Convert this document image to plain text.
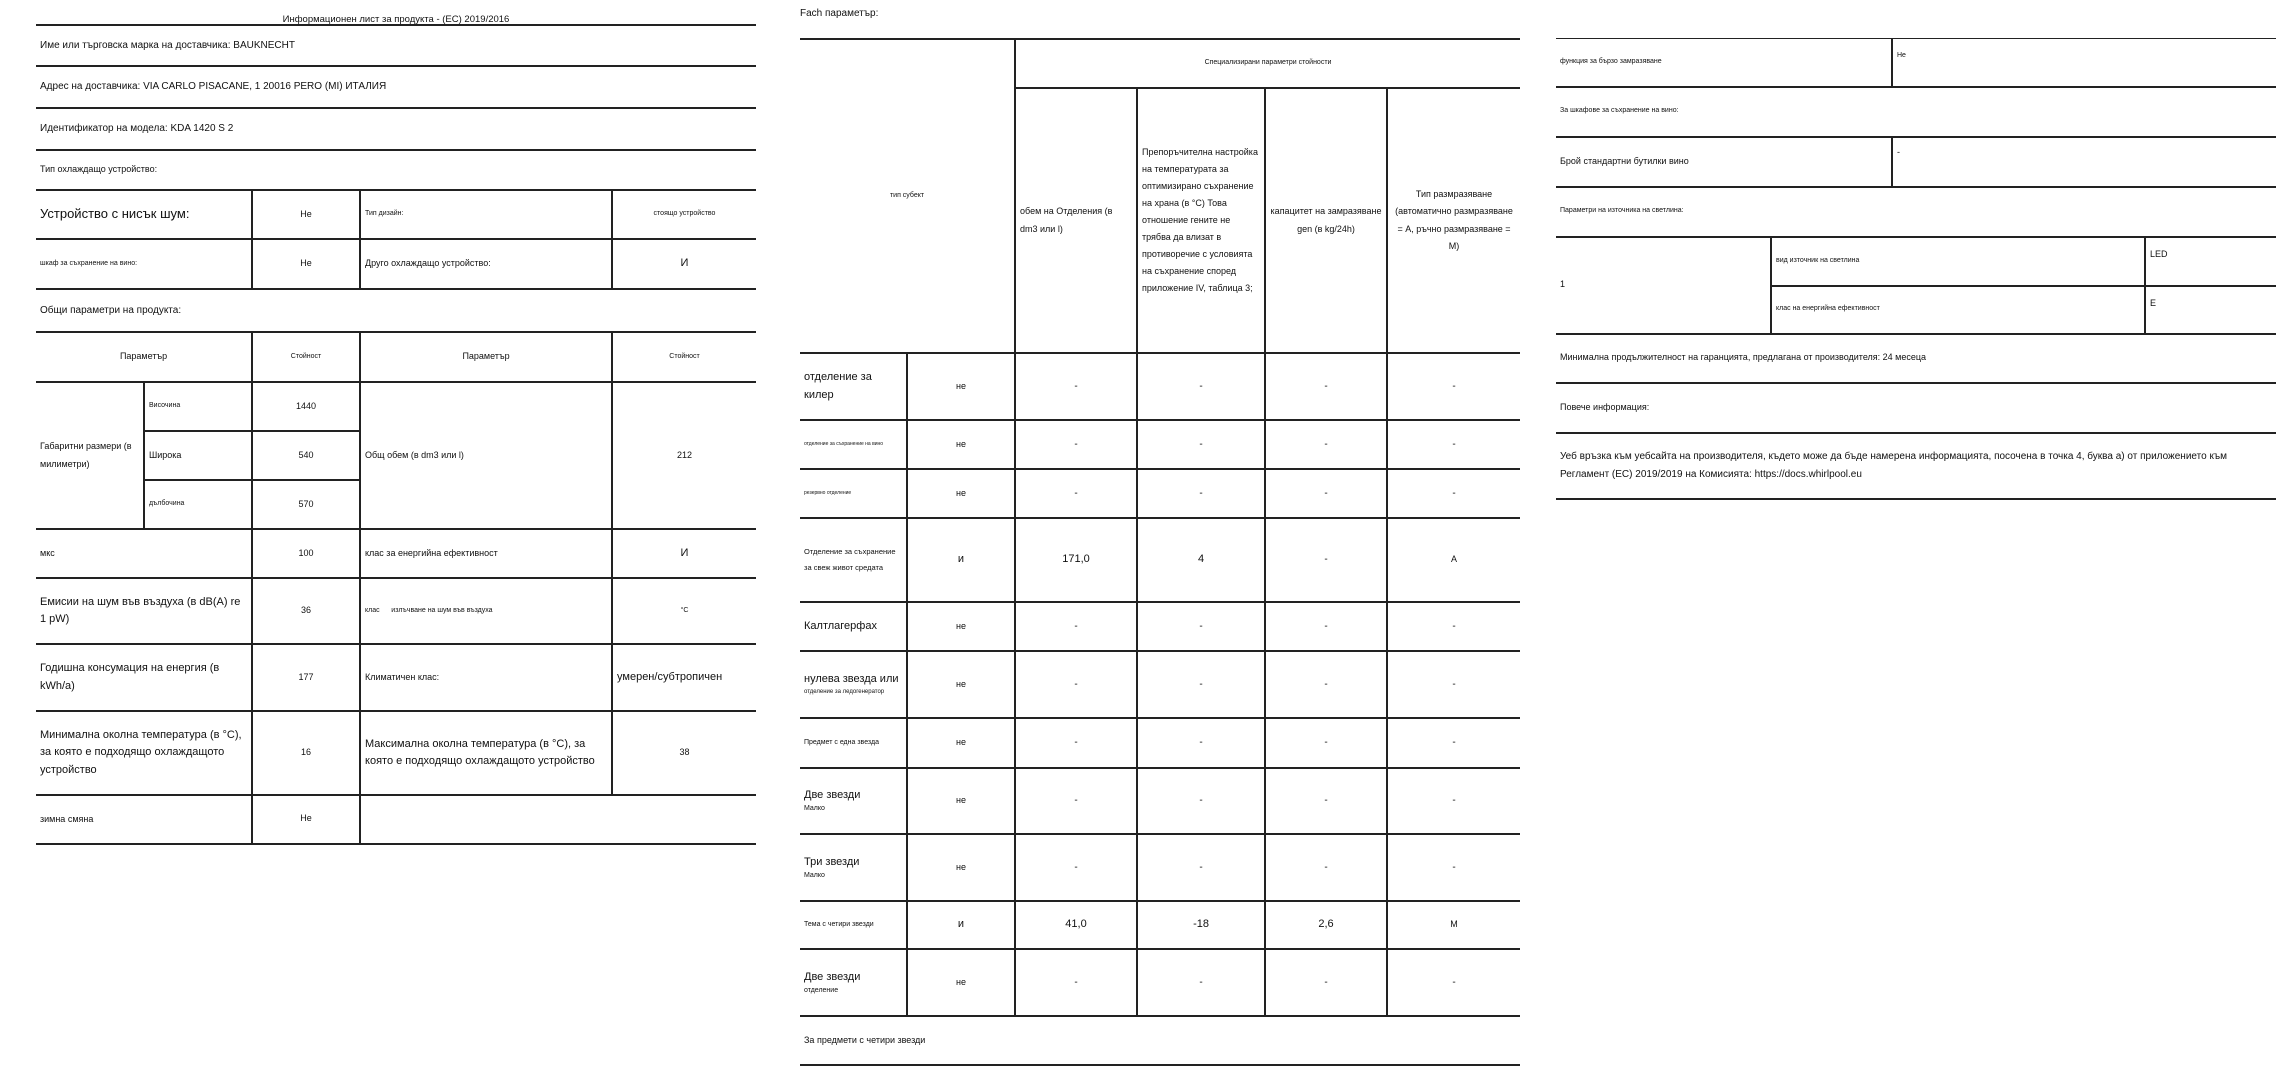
Информационен лист за продукта - (ЕС) 2019/2016
Име или търговска марка на доставчика: BAUKNECHT
Адрес на доставчика: VIA CARLO PISACANE, 1 20016 PERO (MI) ИТАЛИЯ
Идентификатор на модела: KDA 1420 S 2
Тип охлаждащо устройство:
Устройство с нисък шум:	Не	Тип дизайн:	стоящо устройство
шкаф за съхранение на вино:	Не	Друго охлаждащо устройство:	И
Общи параметри на продукта:
Параметър		Стойност	Параметър	Стойност
Габаритни размери (в милиметри)	Височина	1440	Общ обем (в dm3 или l)	212
	Широка	540		
	дълбочина	570		
мкс		100	клас за енергийна ефективност	И
Емисии на шум във въздуха (в dB(A) re 1 pW)		36	клас      излъчване на шум във въздуха	°C
Годишна консумация на енергия (в kWh/a)		177	Климатичен клас:	умерен/субтропичен
Минимална околна температура (в °C), за която е подходящо охлаждащото устройство		16	Максимална околна температура (в °C), за която е подходящо охлаждащото устройство	38
зимна смяна		Не		
Fach параметър:
тип субект		Специализирани параметри стойности			
		обем на Отделения (в dm3 или l)	Препоръчителна настройка на температурата за оптимизирано съхранение на храна (в °C) Това отношение гените не трябва да влизат в противоречие с условията на съхранение според приложение IV, таблица 3;	капацитет на замразяване gen (в kg/24h)	Тип размразяване (автоматично размразяване = A, ръчно размразяване = M)
отделение за килер	не	-	-	-	-
отделение за съхранение на вино	не	-	-	-	-
резервно отделение	не	-	-	-	-
Отделение за съхранение за свеж живот средата	и	171,0	4	-	A
Калтлагерфах	не	-	-	-	-

нулева звезда или
отделение за ледогенератор	не	-	-	-	-
Предмет с една звезда	не	-	-	-	-

Две звезди
Малко	не	-	-	-	-

Три звезди
Малко	не	-	-	-	-
Тема с четири звезди	и	41,0	-18	2,6	M

Две звезди
отделение	не	-	-	-	-
За предмети с четири звезди					
функция за бързо замразяване	Не
За шкафове за съхранение на вино:
Брой стандартни бутилки вино	-
Параметри на източника на светлина:
1	вид източник на светлина	LED
	клас на енергийна ефективност	E
Минимална продължителност на гаранцията, предлагана от производителя: 24 месеца
Повече информация:
Уеб връзка към уебсайта на производителя, където може да бъде намерена информацията, посочена в точка 4, буква a) от приложението към Регламент (ЕС) 2019/2019 на Комисията: https://docs.whirlpool.eu
